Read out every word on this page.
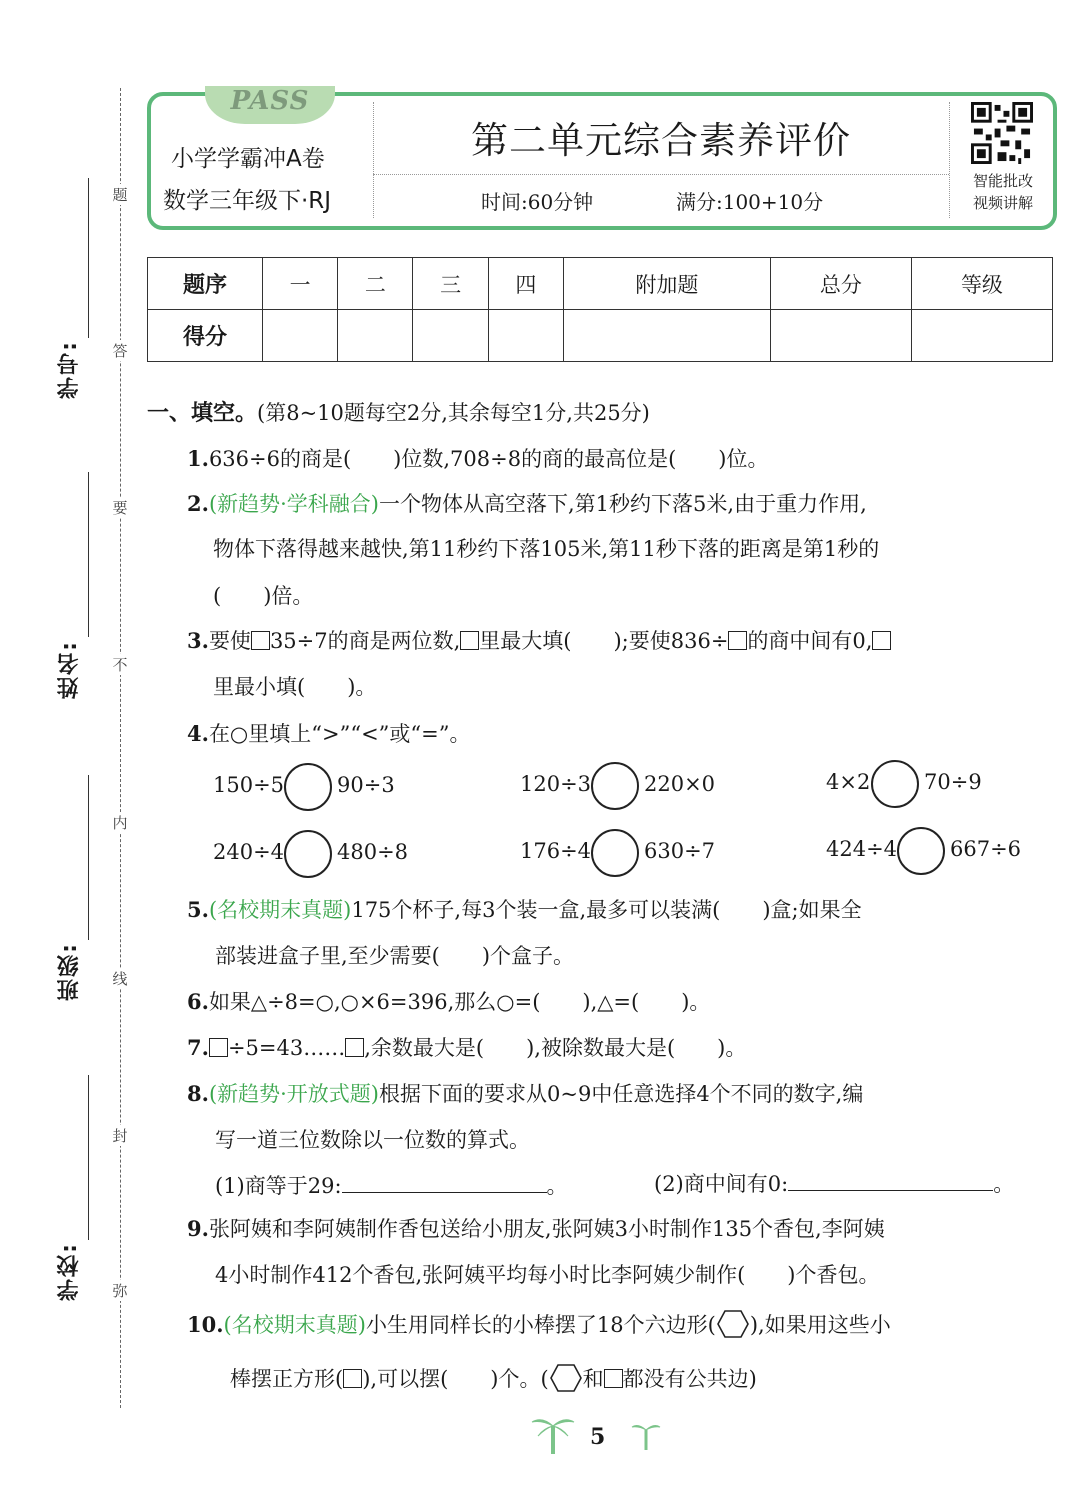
题
答
要
不
内
线
封
弥
学号:
姓名:
班级:
学校:
PASS
小学学霸冲A卷
数学三年级下·RJ
第二单元综合素养评价
时间:60分钟	满分:100+10分
智能批改
视频讲解
题序	一	二	三	四	附加题	总分	等级
得分							
一、填空。(第8~10题每空2分,其余每空1分,共25分)
1.636÷6的商是(　　)位数,708÷8的商的最高位是(　　)位。
2.(新趋势·学科融合)一个物体从高空落下,第1秒约下落5米,由于重力作用,
物体下落得越来越快,第11秒约下落105米,第11秒下落的距离是第1秒的
(　　)倍。
3.要使 35÷7的商是两位数, 里最大填(　　);要使836÷ 的商中间有0,
里最小填(　　)。
4.在○里填上“>”“<”或“=”。
150÷5	90÷3	120÷3	220×0	4×2	70÷9
240÷4	480÷8	176÷4	630÷7	424÷4	667÷6
5.(名校期末真题)175个杯子,每3个装一盒,最多可以装满(　　)盒;如果全
部装进盒子里,至少需要(　　)个盒子。
6.如果△÷8=○,○×6=396,那么○=(　　),△=(　　)。
7. ÷5=43…… ,余数最大是(　　),被除数最大是(　　)。
8.(新趋势·开放式题)根据下面的要求从0~9中任意选择4个不同的数字,编
写一道三位数除以一位数的算式。
(1)商等于29:	。	(2)商中间有0:	。
9.张阿姨和李阿姨制作香包送给小朋友,张阿姨3小时制作135个香包,李阿姨
4小时制作412个香包,张阿姨平均每小时比李阿姨少制作(　　)个香包。
10.(名校期末真题)小生用同样长的小棒摆了18个六边形( ),如果用这些小
棒摆正方形( ),可以摆(　　)个。( 和 都没有公共边)
5
